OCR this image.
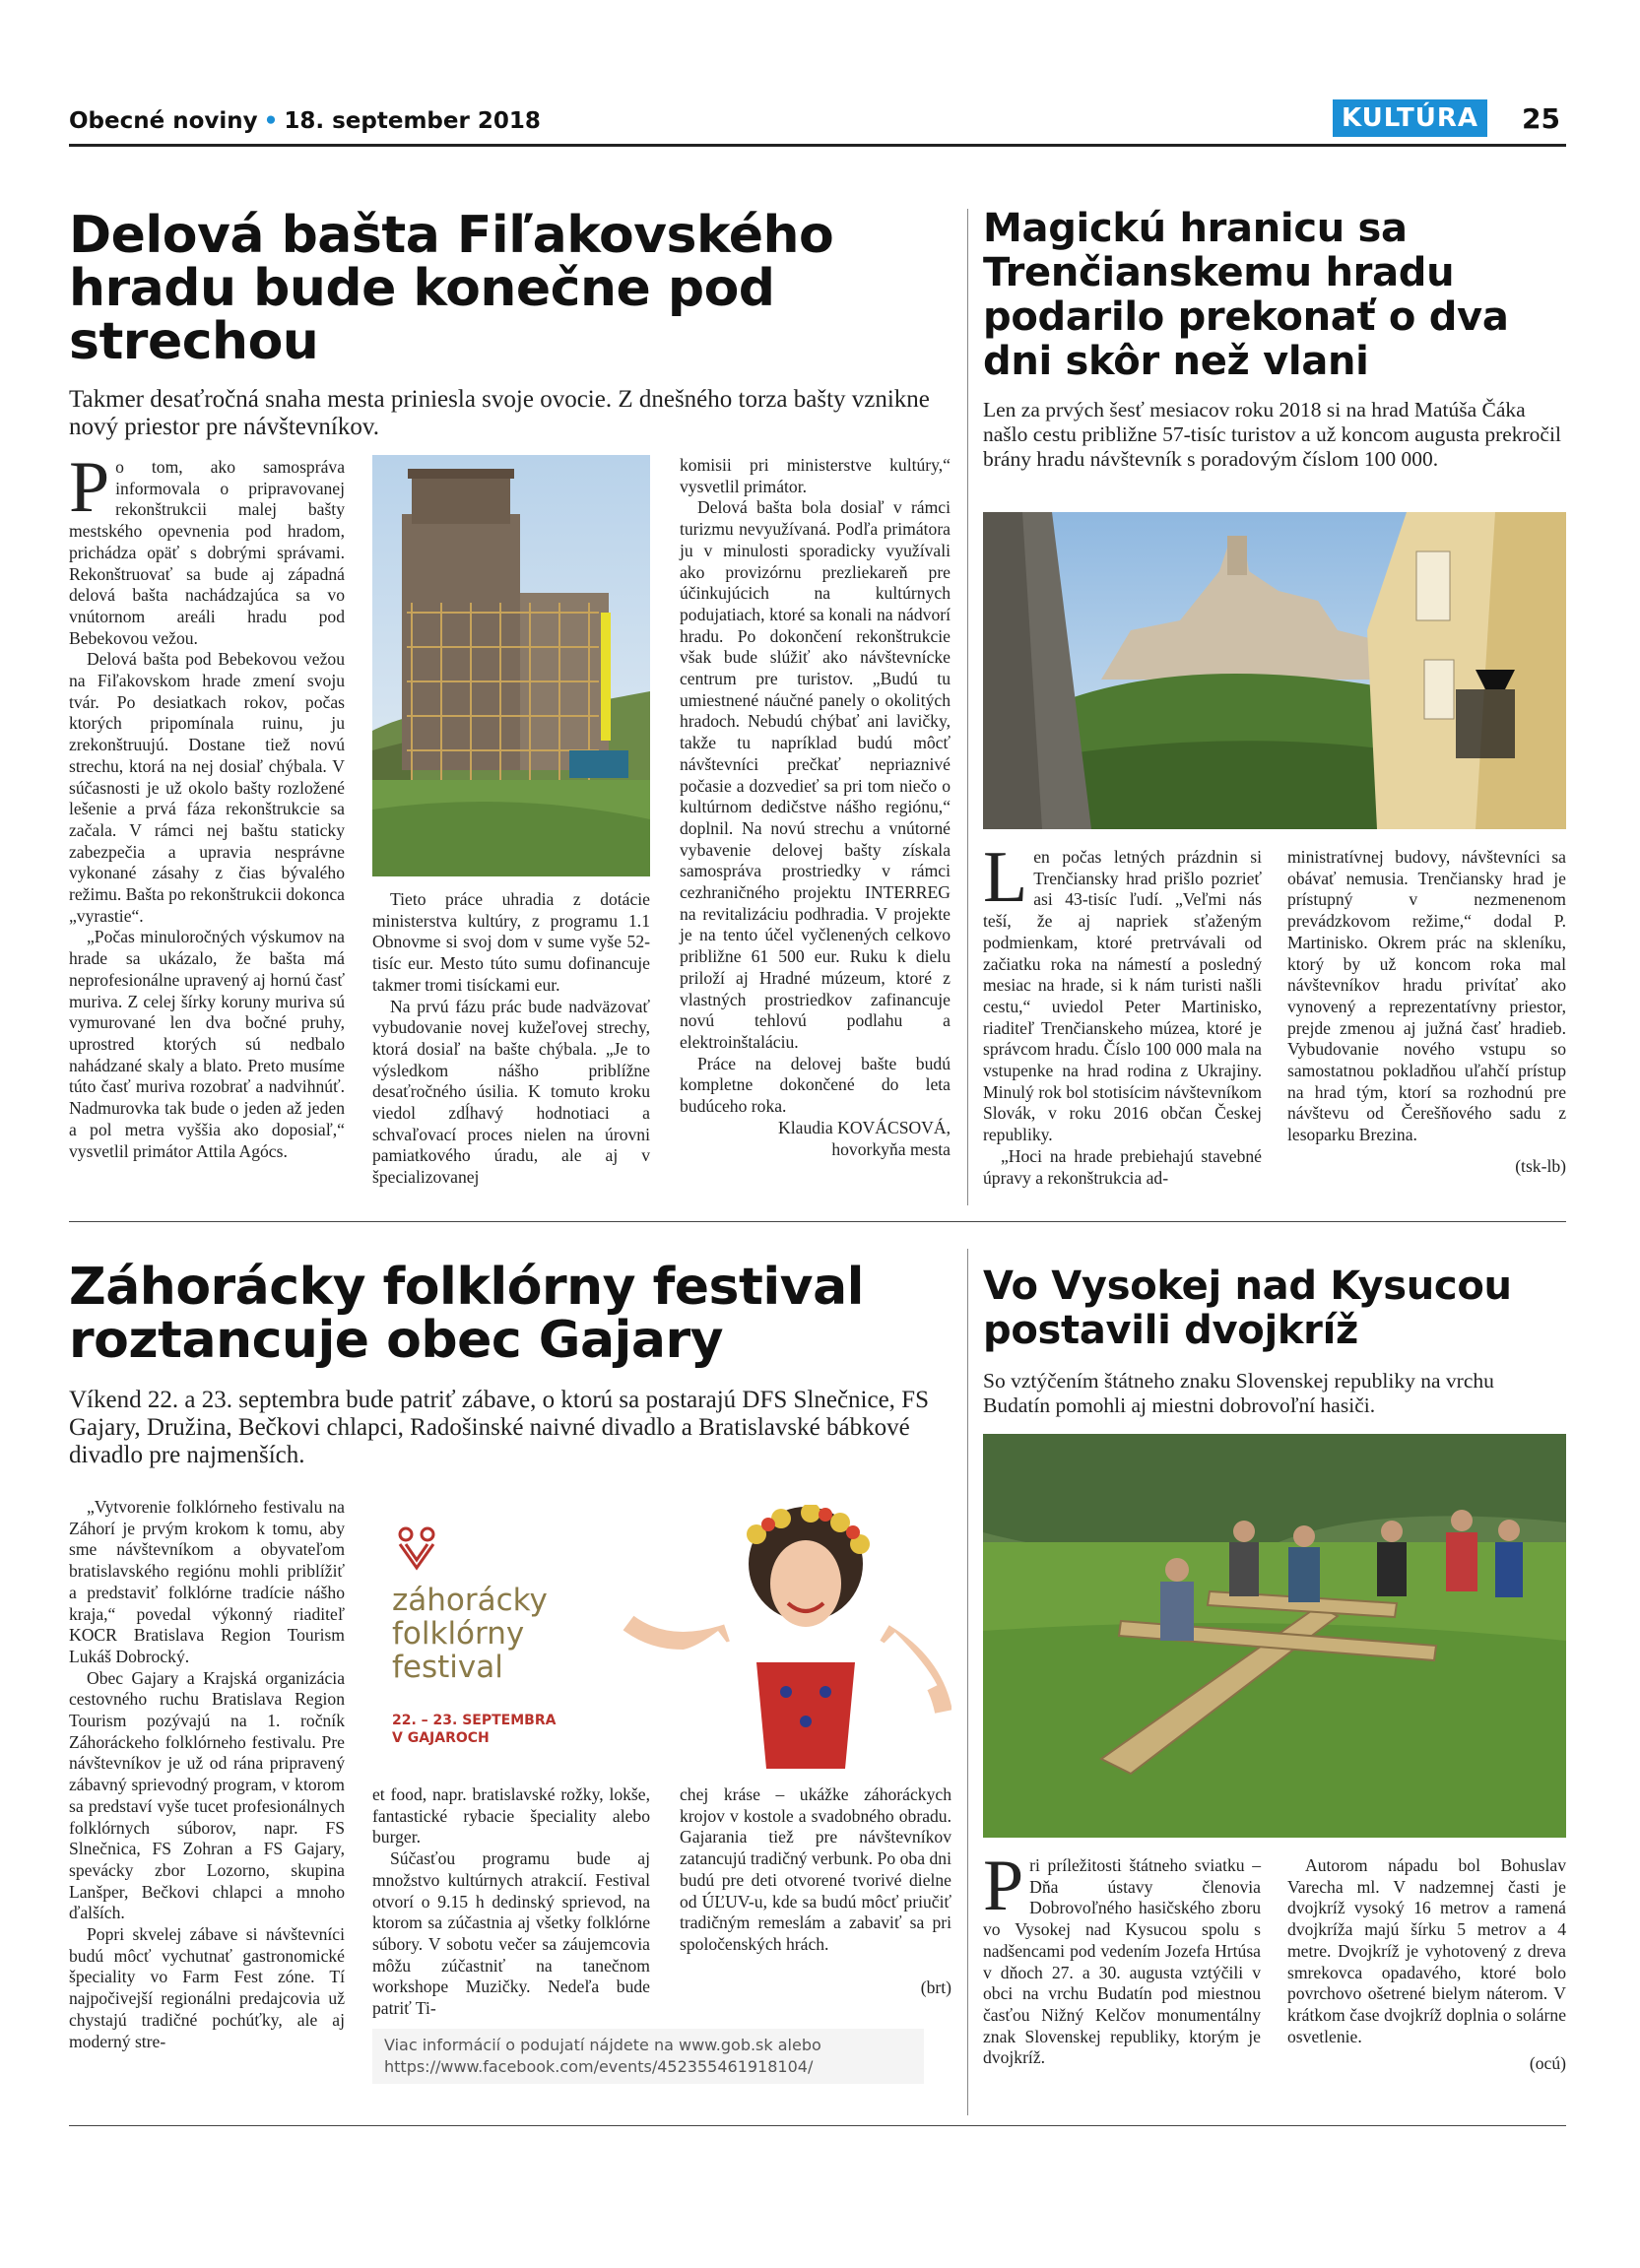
Obecné noviny • 18. september 2018	KULTÚRA	25
Delová bašta Fiľakovského hradu bude konečne pod strechou
Takmer desaťročná snaha mesta priniesla svoje ovocie. Z dnešného torza bašty vznikne nový priestor pre návštevníkov.

Po tom, ako samospráva informovala o pripravovanej rekonštrukcii malej bašty mestského opevnenia pod hradom, prichádza opäť s dobrými správami. Rekonštruovať sa bude aj západná delová bašta nachádzajúca sa vo vnútornom areáli hradu pod Bebekovou vežou.

Delová bašta pod Bebekovou vežou na Fiľakovskom hrade zmení svoju tvár. Po desiatkach rokov, počas ktorých pripomínala ruinu, ju zrekonštruujú. Dostane tiež novú strechu, ktorá na nej dosiaľ chýbala. V súčasnosti je už okolo bašty rozložené lešenie a prvá fáza rekonštrukcie sa začala. V rámci nej baštu staticky zabezpečia a upravia nesprávne vykonané zásahy z čias bývalého režimu. Bašta po rekonštrukcii dokonca „vyrastie“.

„Počas minuloročných výskumov na hrade sa ukázalo, že bašta má neprofesionálne upravený aj hornú časť muriva. Z celej šírky koruny muriva sú vymurované len dva bočné pruhy, uprostred ktorých sú nedbalo nahádzané skaly a blato. Preto musíme túto časť muriva rozobrať a nadvihnúť. Nadmurovka tak bude o jeden až jeden a pol metra vyššia ako doposiaľ,“ vysvetlil primátor Attila Agócs.

Tieto práce uhradia z dotácie ministerstva kultúry, z programu 1.1 Obnovme si svoj dom v sume vyše 52-tisíc eur. Mesto túto sumu dofinancuje takmer tromi tisíckami eur.

Na prvú fázu prác bude nadväzovať vybudovanie novej kužeľovej strechy, ktorá dosiaľ na bašte chýbala. „Je to výsledkom nášho priblížne desaťročného úsilia. K tomuto kroku viedol zdĺhavý hodnotiaci a schvaľovací proces nielen na úrovni pamiatkového úradu, ale aj v špecializovanej

komisii pri ministerstve kultúry,“ vysvetlil primátor.

Delová bašta bola dosiaľ v rámci turizmu nevyužívaná. Podľa primátora ju v minulosti sporadicky využívali ako provizórnu prezliekareň pre účinkujúcich na kultúrnych podujatiach, ktoré sa konali na nádvorí hradu. Po dokončení rekonštrukcie však bude slúžiť ako návštevnícke centrum pre turistov. „Budú tu umiestnené náučné panely o okolitých hradoch. Nebudú chýbať ani lavičky, takže tu napríklad budú môcť návštevníci prečkať nepriaznivé počasie a dozvedieť sa pri tom niečo o kultúrnom dedičstve nášho regiónu,“ doplnil. Na novú strechu a vnútorné vybavenie delovej bašty získala samospráva prostriedky v rámci cezhraničného projektu INTERREG na revitalizáciu podhradia. V projekte je na tento účel vyčlenených celkovo približne 61 500 eur. Ruku k dielu priloží aj Hradné múzeum, ktoré z vlastných prostriedkov zafinancuje novú tehlovú podlahu a elektroinštaláciu.

Práce na delovej bašte budú kompletne dokončené do leta budúceho roka.

Klaudia KOVÁCSOVÁ,
hovorkyňa mesta
Magickú hranicu sa Trenčianskemu hradu podarilo prekonať o dva dni skôr než vlani
Len za prvých šesť mesiacov roku 2018 si na hrad Matúša Čáka našlo cestu približne 57-tisíc turistov a už koncom augusta prekročil brány hradu návštevník s poradovým číslom 100 000.

Len počas letných prázdnin si Trenčiansky hrad prišlo pozrieť asi 43-tisíc ľudí. „Veľmi nás teší, že aj napriek sťaženým podmienkam, ktoré pretrvávali od začiatku roka na námestí a posledný mesiac na hrade, si k nám turisti našli cestu,“ uviedol Peter Martinisko, riaditeľ Trenčianskeho múzea, ktoré je správcom hradu. Číslo 100 000 mala na vstupenke na hrad rodina z Ukrajiny. Minulý rok bol stotisícim návštevníkom Slovák, v roku 2016 občan Českej republiky.

„Hoci na hrade prebiehajú stavebné úpravy a rekonštrukcia ad-

ministratívnej budovy, návštevníci sa obávať nemusia. Trenčiansky hrad je prístupný v nezmenenom prevádzkovom režime,“ dodal P. Martinisko. Okrem prác na skleníku, ktorý by už koncom roka mal návštevníkov hradu privítať ako vynovený a reprezentatívny priestor, prejde zmenou aj južná časť hradieb. Vybudovanie nového vstupu so samostatnou pokladňou uľahčí prístup na hrad tým, ktorí sa rozhodnú pre návštevu od Čerešňového sadu z lesoparku Brezina.

(tsk-lb)
Záhorácky folklórny festival roztancuje obec Gajary
Víkend 22. a 23. septembra bude patriť zábave, o ktorú sa postarajú DFS Slnečnice, FS Gajary, Družina, Bečkovi chlapci, Radošinské naivné divadlo a Bratislavské bábkové divadlo pre najmenších.

„Vytvorenie folklórneho festivalu na Záhorí je prvým krokom k tomu, aby sme návštevníkom a obyvateľom bratislavského regiónu mohli priblížiť a predstaviť folklórne tradície nášho kraja,“ povedal výkonný riaditeľ KOCR Bratislava Region Tourism Lukáš Dobrocký.

Obec Gajary a Krajská organizácia cestovného ruchu Bratislava Region Tourism pozývajú na 1. ročník Záhoráckeho folklórneho festivalu. Pre návštevníkov je už od rána pripravený zábavný sprievodný program, v ktorom sa predstaví vyše tucet profesionálnych folklórnych súborov, napr. FS Slnečnica, FS Zohran a FS Gajary, spevácky zbor Lozorno, skupina Lanšper, Bečkovi chlapci a mnoho ďalších.

Popri skvelej zábave si návštevníci budú môcť vychutnať gastronomické špeciality vo Farm Fest zóne. Tí najpočivejší regionálni predajcovia už chystajú tradičné pochúťky, ale aj moderný stre-

záhorácky
folklórny
festival
22. – 23. SEPTEMBRA
V GAJAROCH

et food, napr. bratislavské rožky, lokše, fantastické rybacie špeciality alebo burger.

Súčasťou programu bude aj množstvo kultúrnych atrakcií. Festival otvorí o 9.15 h dedinský sprievod, na ktorom sa zúčastnia aj všetky folklórne súbory. V sobotu večer sa záujemcovia môžu zúčastniť na tanečnom workshope Muzičky. Nedeľa bude patriť Ti-

chej kráse – ukážke záhoráckych krojov v kostole a svadobného obradu. Gajarania tiež pre návštevníkov zatancujú tradičný verbunk. Po oba dni budú pre deti otvorené tvorivé dielne od ÚĽUV-u, kde sa budú môcť priučiť tradičným remeslám a zabaviť sa pri spoločenských hrách.

(brt)
Viac informácií o podujatí nájdete na www.gob.sk alebo
https://www.facebook.com/events/452355461918104/
Vo Vysokej nad Kysucou postavili dvojkríž
So vztýčením štátneho znaku Slovenskej republiky na vrchu Budatín pomohli aj miestni dobrovoľní hasiči.

Pri príležitosti štátneho sviatku – Dňa ústavy členovia Dobrovoľného hasičského zboru vo Vysokej nad Kysucou spolu s nadšencami pod vedením Jozefa Hrtúsa v dňoch 27. a 30. augusta vztýčili v obci na vrchu Budatín pod miestnou časťou Nižný Kelčov monumentálny znak Slovenskej republiky, ktorým je dvojkríž.

Autorom nápadu bol Bohuslav Varecha ml. V nadzemnej časti je dvojkríž vysoký 16 metrov a ramená dvojkríža majú šírku 5 metrov a 4 metre. Dvojkríž je vyhotovený z dreva smrekovca opadavého, ktoré bolo povrchovo ošetrené bielym náterom. V krátkom čase dvojkríž doplnia o solárne osvetlenie.

(ocú)
